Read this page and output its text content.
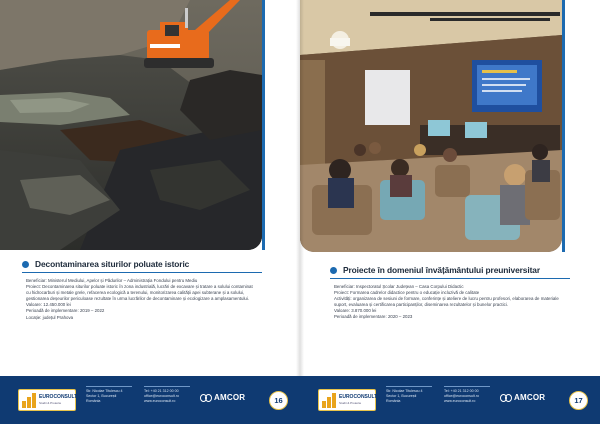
Decontaminarea siturilor poluate istoric

Beneficiar: Ministerul Mediului, Apelor și Pădurilor – Administrația Fondului pentru Mediu

Proiect: Decontaminarea siturilor poluate istoric în zona industrială, lucrări de excavare și tratare a solului contaminat

cu hidrocarburi și metale grele, refacerea ecologică a terenului, monitorizarea calității apei subterane și a solului,

gestionarea deșeurilor periculoase rezultate în urma lucrărilor de decontaminare și ecologizare a amplasamentului.

Valoare: 12.450.000 lei

Perioadă de implementare: 2019 – 2022

Locație: județul Prahova

EUROCONSULT
Studii & Proiecte
Str. Nicolae Titulescu 4
Sector 1, București
România
Tel: +40 21 312 00 00
office@euroconsult.ro
www.euroconsult.ro	AMCOR	16
Proiecte în domeniul învățământului preuniversitar

Beneficiar: Inspectoratul Școlar Județean – Casa Corpului Didactic

Proiect: Formarea cadrelor didactice pentru o educație incluzivă de calitate

Activități: organizarea de sesiuni de formare, conferințe și ateliere de lucru pentru profesori, elaborarea de materiale

suport, evaluarea și certificarea participanților, diseminarea rezultatelor și bunelor practici.

Valoare: 3.870.000 lei

Perioadă de implementare: 2020 – 2023

EUROCONSULT
Studii & Proiecte
Str. Nicolae Titulescu 4
Sector 1, București
România
Tel: +40 21 312 00 00
office@euroconsult.ro
www.euroconsult.ro	AMCOR	17
